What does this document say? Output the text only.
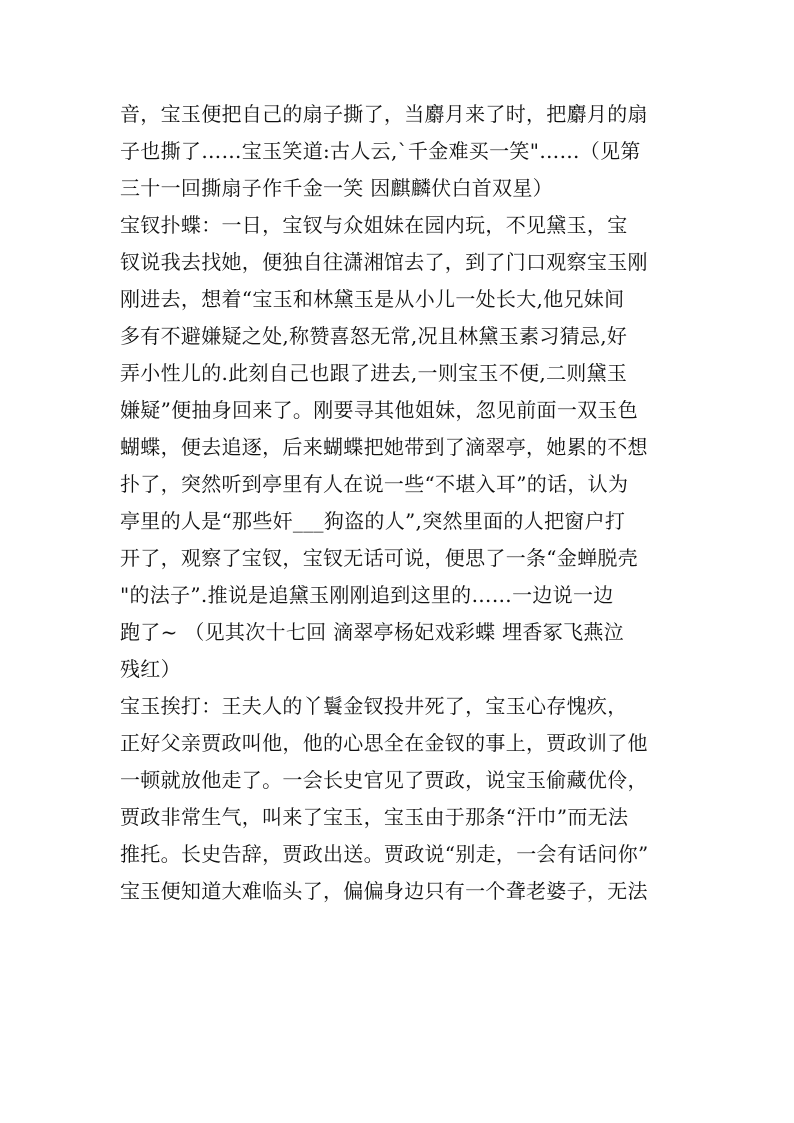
音，宝玉便把自己的扇子撕了，当麝月来了时，把麝月的扇
子也撕了……宝玉笑道:古人云,`千金难买一笑"……（见第
三十一回撕扇子作千金一笑 因麒麟伏白首双星）
宝钗扑蝶：一日，宝钗与众姐妹在园内玩，不见黛玉，宝
钗说我去找她，便独自往潇湘馆去了，到了门口观察宝玉刚
刚进去，想着“宝玉和林黛玉是从小儿一处长大,他兄妹间
多有不避嫌疑之处,称赞喜怒无常,况且林黛玉素习猜忌,好
弄小性儿的.此刻自己也跟了进去,一则宝玉不便,二则黛玉
嫌疑”便抽身回来了。刚要寻其他姐妹，忽见前面一双玉色
蝴蝶，便去追逐，后来蝴蝶把她带到了滴翠亭，她累的不想
扑了，突然听到亭里有人在说一些“不堪入耳”的话，认为
亭里的人是“那些奸___狗盗的人”,突然里面的人把窗户打
开了，观察了宝钗，宝钗无话可说，便思了一条“金蝉脱壳
"的法子”.推说是追黛玉刚刚追到这里的……一边说一边
跑了~ （见其次十七回 滴翠亭杨妃戏彩蝶 埋香冢飞燕泣
残红）
宝玉挨打：王夫人的丫鬟金钗投井死了，宝玉心存愧疚，
正好父亲贾政叫他，他的心思全在金钗的事上，贾政训了他
一顿就放他走了。一会长史官见了贾政，说宝玉偷藏优伶，
贾政非常生气，叫来了宝玉，宝玉由于那条“汗巾”而无法
推托。长史告辞，贾政出送。贾政说“别走，一会有话问你”
宝玉便知道大难临头了，偏偏身边只有一个聋老婆子，无法
